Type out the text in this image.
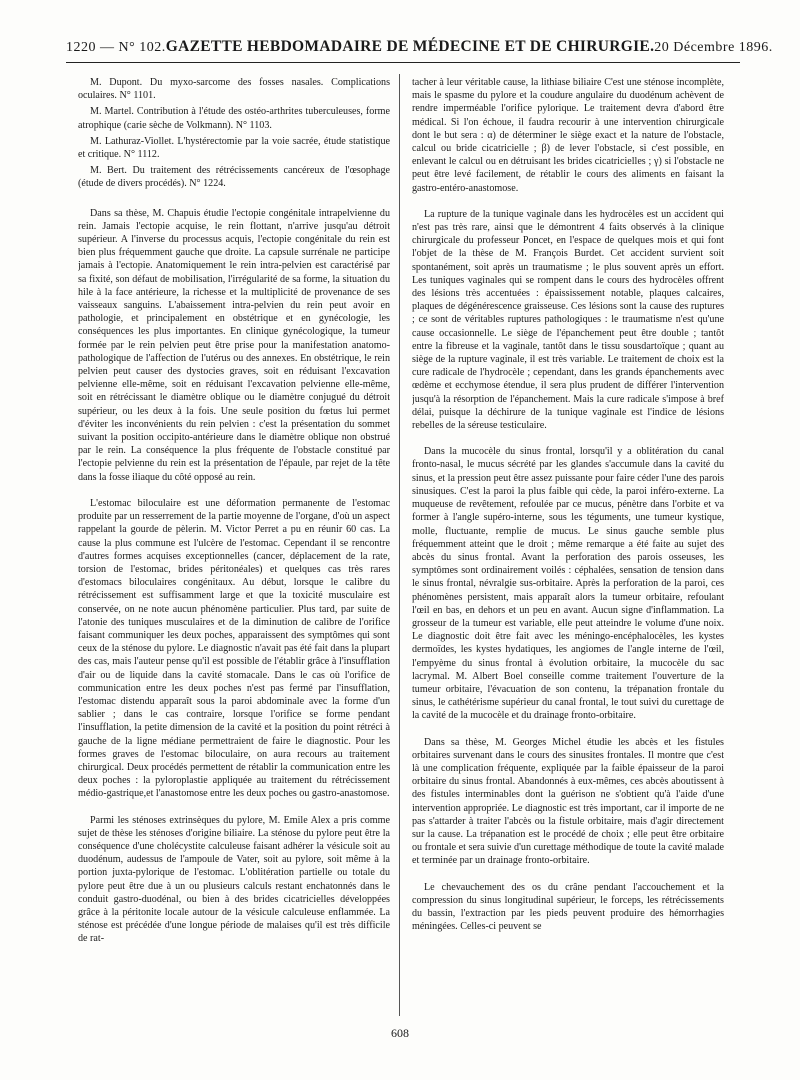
1220 — N° 102. GAZETTE HEBDOMADAIRE DE MÉDECINE ET DE CHIRURGIE. 20 Décembre 1896.

M. Dupont. Du myxo-sarcome des fosses nasales. Complications oculaires. N° 1101.

M. Martel. Contribution à l'étude des ostéo-arthrites tuberculeuses, forme atrophique (carie sèche de Volkmann). N° 1103.

M. Lathuraz-Viollet. L'hystérectomie par la voie sacrée, étude statistique et critique. N° 1112.

M. Bert. Du traitement des rétrécissements cancéreux de l'œsophage (étude de divers procédés). N° 1224.

Dans sa thèse, M. Chapuis étudie l'ectopie congénitale intrapelvienne du rein. Jamais l'ectopie acquise, le rein flottant, n'arrive jusqu'au détroit supérieur. A l'inverse du processus acquis, l'ectopie congénitale du rein est bien plus fréquemment gauche que droite. La capsule surrénale ne participe jamais à l'ectopie. Anatomiquement le rein intra-pelvien est caractérisé par sa fixité, son défaut de mobilisation, l'irrégularité de sa forme, la situation du hile à la face antérieure, la richesse et la multiplicité de provenance de ses vaisseaux sanguins. L'abaissement intra-pelvien du rein peut avoir en pathologie, et principalement en obstétrique et en gynécologie, les conséquences les plus importantes. En clinique gynécologique, la tumeur formée par le rein pelvien peut être prise pour la manifestation anatomo-pathologique de l'affection de l'utérus ou des annexes. En obstétrique, le rein pelvien peut causer des dystocies graves, soit en réduisant l'excavation pelvienne elle-même, soit en réduisant l'excavation pelvienne elle-même, soit en rétrécissant le diamètre oblique ou le diamètre conjugué du détroit supérieur, ou les deux à la fois. Une seule position du fœtus lui permet d'éviter les inconvénients du rein pelvien : c'est la présentation du sommet suivant la position occipito-antérieure dans le diamètre oblique non obstrué par le rein. La conséquence la plus fréquente de l'obstacle constitué par l'ectopie pelvienne du rein est la présentation de l'épaule, par rejet de la tête dans la fosse iliaque du côté opposé au rein.

L'estomac biloculaire est une déformation permanente de l'estomac produite par un resserrement de la partie moyenne de l'organe, d'où un aspect rappelant la gourde de pèlerin. M. Victor Perret a pu en réunir 60 cas. La cause la plus commune est l'ulcère de l'estomac. Cependant il se rencontre d'autres formes acquises exceptionnelles (cancer, déplacement de la rate, torsion de l'estomac, brides péritonéales) et quelques cas très rares d'estomacs biloculaires congénitaux. Au début, lorsque le calibre du rétrécissement est suffisamment large et que la toxicité musculaire est conservée, on ne note aucun phénomène particulier. Plus tard, par suite de l'atonie des tuniques musculaires et de la diminution de calibre de l'orifice faisant communiquer les deux poches, apparaissent des symptômes qui sont ceux de la sténose du pylore. Le diagnostic n'avait pas été fait dans la plupart des cas, mais l'auteur pense qu'il est possible de l'établir grâce à l'insufflation d'air ou de liquide dans la cavité stomacale. Dans le cas où l'orifice de communication entre les deux poches n'est pas fermé par l'insufflation, l'estomac distendu apparaît sous la paroi abdominale avec la forme d'un sablier ; dans le cas contraire, lorsque l'orifice se forme pendant l'insufflation, la petite dimension de la cavité et la position du point rétréci à gauche de la ligne médiane permettraient de faire le diagnostic. Pour les formes graves de l'estomac biloculaire, on aura recours au traitement chirurgical. Deux procédés permettent de rétablir la communication entre les deux poches : la pyloroplastie appliquée au traitement du rétrécissement médio-gastrique,et l'anastomose entre les deux poches ou gastro-anastomose.

Parmi les sténoses extrinsèques du pylore, M. Emile Alex a pris comme sujet de thèse les sténoses d'origine biliaire. La sténose du pylore peut être la conséquence d'une cholécystite calculeuse faisant adhérer la vésicule soit au duodénum, audessus de l'ampoule de Vater, soit au pylore, soit même à la portion juxta-pylorique de l'estomac. L'oblitération partielle ou totale du pylore peut être due à un ou plusieurs calculs restant enchatonnés dans le conduit gastro-duodénal, ou bien à des brides cicatricielles développées grâce à la péritonite locale autour de la vésicule calculeuse enflammée. La sténose est précédée d'une longue période de malaises qu'il est très difficile de rat-

tacher à leur véritable cause, la lithiase biliaire C'est une sténose incomplète, mais le spasme du pylore et la coudure angulaire du duodénum achèvent de rendre imperméable l'orifice pylorique. Le traitement devra d'abord être médical. Si l'on échoue, il faudra recourir à une intervention chirurgicale dont le but sera : α) de déterminer le siège exact et la nature de l'obstacle, calcul ou bride cicatricielle ; β) de lever l'obstacle, si c'est possible, en enlevant le calcul ou en détruisant les brides cicatricielles ; γ) si l'obstacle ne peut être levé facilement, de rétablir le cours des aliments en faisant la gastro-entéro-anastomose.

La rupture de la tunique vaginale dans les hydrocèles est un accident qui n'est pas très rare, ainsi que le démontrent 4 faits observés à la clinique chirurgicale du professeur Poncet, en l'espace de quelques mois et qui font l'objet de la thèse de M. François Burdet. Cet accident survient soit spontanément, soit après un traumatisme ; le plus souvent après un effort. Les tuniques vaginales qui se rompent dans le cours des hydrocèles offrent des lésions très accentuées : épaississement notable, plaques calcaires, plaques de dégénérescence graisseuse. Ces lésions sont la cause des ruptures ; ce sont de véritables ruptures pathologiques : le traumatisme n'est qu'une cause occasionnelle. Le siège de l'épanchement peut être double ; tantôt entre la fibreuse et la vaginale, tantôt dans le tissu sousdartoïque ; quant au siège de la rupture vaginale, il est très variable. Le traitement de choix est la cure radicale de l'hydrocèle ; cependant, dans les grands épanchements avec œdème et ecchymose étendue, il sera plus prudent de différer l'intervention jusqu'à la résorption de l'épanchement. Mais la cure radicale s'impose à bref délai, puisque la déchirure de la tunique vaginale est l'indice de lésions rebelles de la séreuse testiculaire.

Dans la mucocèle du sinus frontal, lorsqu'il y a oblitération du canal fronto-nasal, le mucus sécrété par les glandes s'accumule dans la cavité du sinus, et la pression peut être assez puissante pour faire céder l'une des parois sinusiques. C'est la paroi la plus faible qui cède, la paroi inféro-externe. La muqueuse de revêtement, refoulée par ce mucus, pénètre dans l'orbite et va former à l'angle supéro-interne, sous les téguments, une tumeur kystique, molle, fluctuante, remplie de mucus. Le sinus gauche semble plus fréquemment atteint que le droit ; même remarque a été faite au sujet des abcès du sinus frontal. Avant la perforation des parois osseuses, les symptômes sont ordinairement voilés : céphalées, sensation de tension dans le sinus frontal, névralgie sus-orbitaire. Après la perforation de la paroi, ces phénomènes persistent, mais apparaît alors la tumeur orbitaire, refoulant l'œil en bas, en dehors et un peu en avant. Aucun signe d'inflammation. La grosseur de la tumeur est variable, elle peut atteindre le volume d'une noix. Le diagnostic doit être fait avec les méningo-encéphalocèles, les kystes dermoïdes, les kystes hydatiques, les angiomes de l'angle interne de l'œil, l'empyème du sinus frontal à évolution orbitaire, la mucocèle du sac lacrymal. M. Albert Boel conseille comme traitement l'ouverture de la tumeur orbitaire, l'évacuation de son contenu, la trépanation frontale du sinus, le cathétérisme supérieur du canal frontal, le tout suivi du curettage de la cavité de la mucocèle et du drainage fronto-orbitaire.

Dans sa thèse, M. Georges Michel étudie les abcès et les fistules orbitaires survenant dans le cours des sinusites frontales. Il montre que c'est là une complication fréquente, expliquée par la faible épaisseur de la paroi orbitaire du sinus frontal. Abandonnés à eux-mêmes, ces abcès aboutissent à des fistules interminables dont la guérison ne s'obtient qu'à l'aide d'une intervention appropriée. Le diagnostic est très important, car il importe de ne pas s'attarder à traiter l'abcès ou la fistule orbitaire, mais d'agir directement sur la cause. La trépanation est le procédé de choix ; elle peut être orbitaire ou frontale et sera suivie d'un curettage méthodique de toute la cavité malade et terminée par un drainage fronto-orbitaire.

Le chevauchement des os du crâne pendant l'accouchement et la compression du sinus longitudinal supérieur, le forceps, les rétrécissements du bassin, l'extraction par les pieds peuvent produire des hémorrhagies méningées. Celles-ci peuvent se

608
